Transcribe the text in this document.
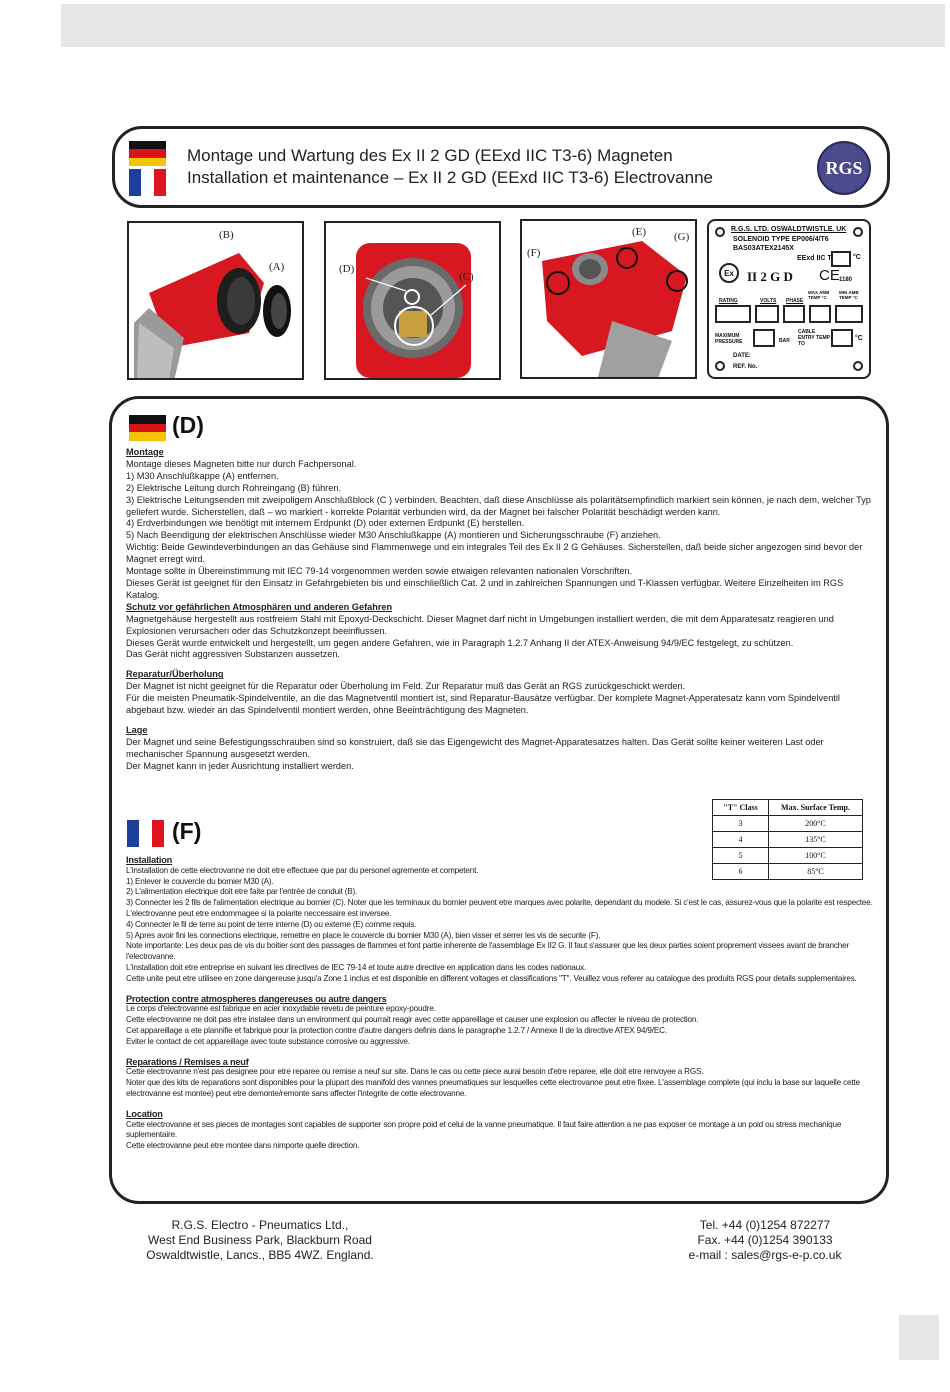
Montage und Wartung des Ex II 2 GD (EExd IIC T3-6) Magneten
Installation et maintenance – Ex II 2 GD (EExd IIC T3-6) Electrovanne	RGS
(B)
(A)	(D)
(C)
(E)
(F)
(G)
R.G.S. LTD. OSWALDTWISTLE. UK
SOLENOID TYPE EP006/4/T6
BAS03ATEX2145X
EExd IIC T	°C
Ex	II 2 G D CE 1180
RATING	VOLTS PHASE
MAX AMB TEMP °C
MIN AMB TEMP °C
MAXIMUM PRESSURE	BAR
CABLE ENTRY TEMP TO
°C
DATE:
REF. No.
(D)

Montage

Montage dieses Magneten bitte nur durch Fachpersonal.

1) M30 Anschlußkappe (A) entfernen.

2) Elektrische Leitung durch Rohreingang (B) führen.

3) Elektrische Leitungsenden mit zweipoligem Anschlußblock (C ) verbinden. Beachten, daß diese Anschlüsse als polaritätsempfindlich markiert sein können, je nach dem, welcher Typ geliefert wurde. Sicherstellen, daß – wo markiert - korrekte Polarität verbunden wird, da der Magnet bei falscher Polarität beschädigt werden kann.

4) Erdverbindungen wie benötigt mit internem Erdpunkt (D) oder externen Erdpunkt (E) herstellen.

5) Nach Beendigung der elektrischen Anschlüsse wieder M30 Anschlußkappe (A) montieren und Sicherungsschraube (F) anziehen.

Wichtig: Beide Gewindeverbindungen an das Gehäuse sind Flammenwege und ein integrales Teil des Ex II 2 G Gehäuses. Sicherstellen, daß beide sicher angezogen sind bevor der Magnet erregt wird.

Montage sollte in Übereinstimmung mit IEC 79-14 vorgenommen werden sowie etwaigen relevanten nationalen Vorschriften.

Dieses Gerät ist geeignet für den Einsatz in Gefahrgebieten bis und einschließlich Cat. 2 und in zahlreichen Spannungen und T-Klassen verfügbar. Weitere Einzelheiten im RGS Katalog.

Schutz vor gefährlichen Atmosphären und anderen Gefahren

Magnetgehäuse hergestellt aus rostfreiem Stahl mit Epoxyd-Deckschicht. Dieser Magnet darf nicht in Umgebungen installiert werden, die mit dem Apparatesatz reagieren und Explosionen verursachen oder das Schutzkonzept beeinflussen.

Dieses Gerät wurde entwickelt und hergestellt, um gegen andere Gefahren, wie in Paragraph 1.2.7 Anhang II der ATEX-Anweisung 94/9/EC festgelegt, zu schützen.

Das Gerät nicht aggressiven Substanzen aussetzen.

Reparatur/Überholung

Der Magnet ist nicht geeignet für die Reparatur oder Überholung im Feld. Zur Reparatur muß das Gerät an RGS zurückgeschickt werden.

Für die meisten Pneumatik-Spindelventile, an die das Magnetventil montiert ist, sind Reparatur-Bausätze verfügbar. Der komplete Magnet-Apperatesatz kann vom Spindelventil abgebaut bzw. wieder an das Spindelventil montiert werden, ohne Beeinträchtigung des Magneten.

Lage

Der Magnet und seine Befestigungsschrauben sind so konstruiert, daß sie das Eigengewicht des Magnet-Apparatesatzes halten. Das Gerät sollte keiner weiteren Last oder mechanischer Spannung ausgesetzt werden.

Der Magnet kann in jeder Ausrichtung installiert werden.

(F)

Installation

L'installation de cette electrovanne ne doit etre effectuee que par du personel agremente et competent.

1) Enlever le couvercle du bornier M30 (A).

2) L'alimentation electrique doit etre faite par l'entrée de conduit (B).

3) Connecter les 2 fils de l'alimentation electrique au bornier (C). Noter que les terminaux du bornier peuvent etre marques avec polarite, dependant du modele. Si c'est le cas, assurez-vous que la polarite est respectee. L'electrovanne peut etre endommagee si la polarite neccessaire est inversee.

4) Connecter le fil de terre au point de terre interne (D) ou externe (E) comme requis.

5) Apres avoir fini les connections electrique, remettre en place le couvercle du bornier M30 (A), bien visser et serrer les vis de securite (F).

Note importante: Les deux pas de vis du boitier sont des passages de flammes et font partie inherente de l'assemblage Ex II2 G. Il faut s'assurer que les deux parties soient proprement vissees avant de brancher l'electrovanne.

L'installation doit etre entreprise en suivant les directives de IEC 79-14 et toute autre directive en application dans les codes nationaux.

Cette unite peut etre utilisee en zone dangereuse jusqu'a Zone 1 inclus et est disponible en different voltages et classifications "T". Veuillez vous referer au catalogue des produits RGS pour details supplementaires.

Protection contre atmospheres dangereuses ou autre dangers

Le corps d'electrovanne est fabrique en acier inoxydable revetu de peinture epoxy-poudre.

Cette electrovanne ne doit pas etre instalee dans un environment qui pourrait reagir avec cette appareillage et causer une explosion ou affecter le niveau de protection.

Cet appareillage a ete plannifie et fabrique pour la protection contre d'autre dangers definis dans le paragraphe 1.2.7 / Annexe II de la directive ATEX 94/9/EC.

Eviter le contact de cet appareillage avec toute substance corrosive ou aggressive.

Reparations / Remises a neuf

Cette electrovanne n'est pas designee pour etre reparee ou remise a neuf sur site. Dans le cas ou cette piece aurai besoin d'etre reparee, elle doit etre renvoyee a RGS.

Noter que des kits de reparations sont disponibles pour la plupart des manifold des vannes pneumatiques sur lesquelles cette electrovanne peut etre fixee. L'assemblage complete (qui inclu la base sur laquelle cette electrovanne est montee) peut etre demonte/remonte sans affecter l'integrite de cette electrovanne.

Location

Cette electrovanne et ses pieces de montages sont capables de supporter son propre poid et celui de la vanne pneumatique. Il faut faire attention a ne pas exposer ce montage a un poid ou stress mechanique suplementaire.

Cette electrovanne peut etre montee dans nimporte quelle direction.

"T" Class	Max. Surface Temp.
3	200°C
4	135°C
5	100°C
6	85°C
R.G.S. Electro - Pneumatics Ltd.,
West End Business Park, Blackburn Road
Oswaldtwistle, Lancs., BB5 4WZ. England.
Tel. +44 (0)1254 872277
Fax. +44 (0)1254 390133
e-mail : sales@rgs-e-p.co.uk
